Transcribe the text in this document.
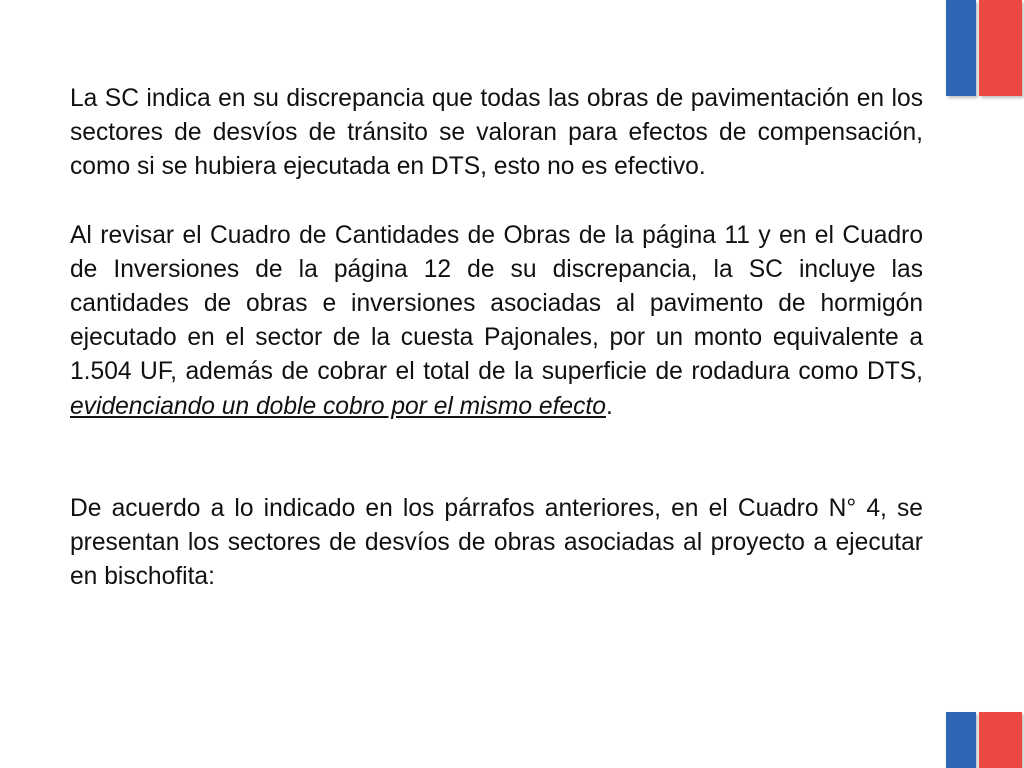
La SC indica en su discrepancia que todas las obras de pavimentación en los sectores de desvíos de tránsito se valoran para efectos de compensación, como si se hubiera ejecutada en DTS, esto no es efectivo.

Al revisar el Cuadro de Cantidades de Obras de la página 11 y en el Cuadro de Inversiones de la página 12 de su discrepancia, la SC incluye las cantidades de obras e inversiones asociadas al pavimento de hormigón ejecutado en el sector de la cuesta Pajonales, por un monto equivalente a 1.504 UF, además de cobrar el total de la superficie de rodadura como DTS, evidenciando un doble cobro por el mismo efecto.

De acuerdo a lo indicado en los párrafos anteriores, en el Cuadro N° 4, se presentan los sectores de desvíos de obras asociadas al proyecto a ejecutar en bischofita:
